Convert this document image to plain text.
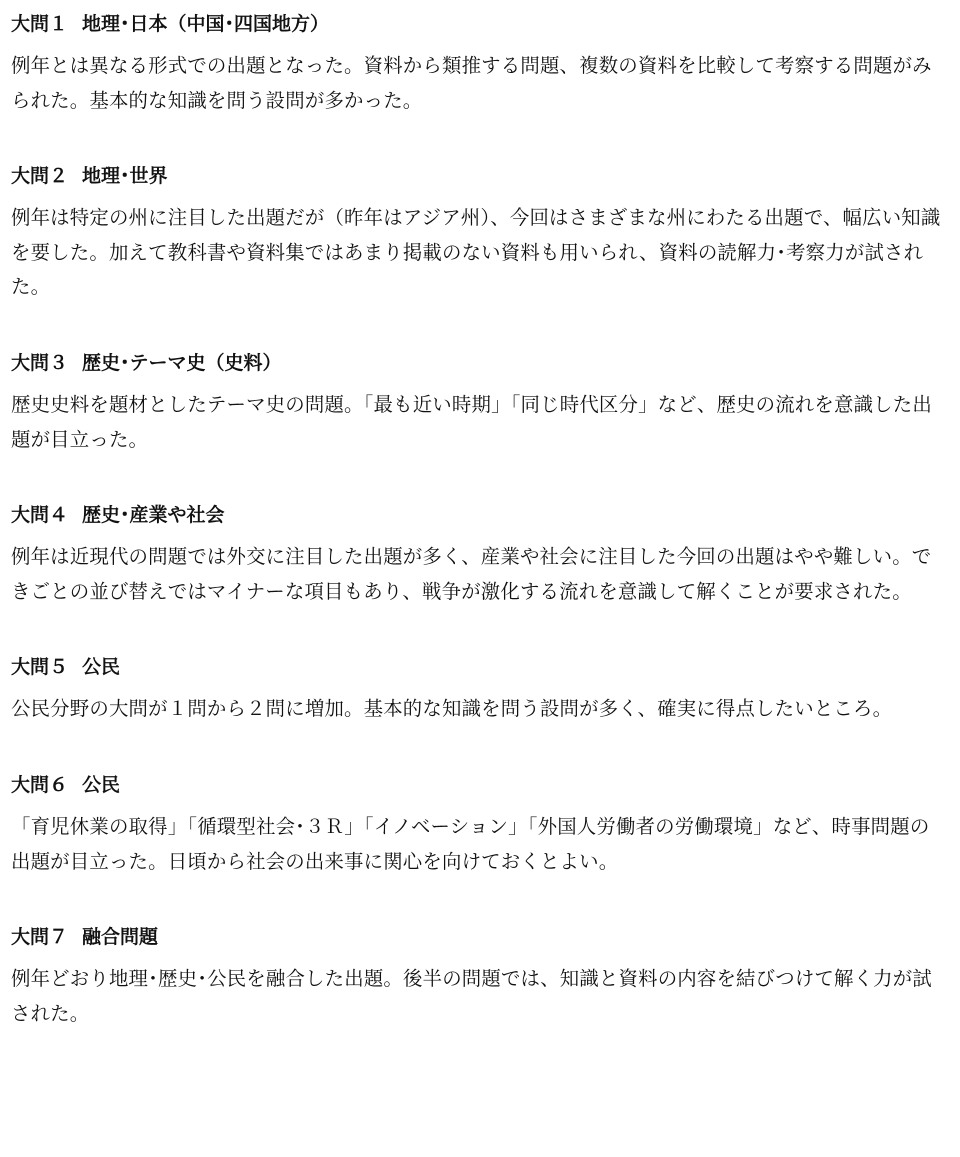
大問１ 地理･日本（中国･四国地方）
例年とは異なる形式での出題となった。資料から類推する問題、複数の資料を比較して考察する問題がみられた。基本的な知識を問う設問が多かった。
大問２ 地理･世界
例年は特定の州に注目した出題だが（昨年はアジア州）、今回はさまざまな州にわたる出題で、幅広い知識を要した。加えて教科書や資料集ではあまり掲載のない資料も用いられ、資料の読解力･考察力が試された。
大問３ 歴史･テーマ史（史料）
歴史史料を題材としたテーマ史の問題。「最も近い時期」「同じ時代区分」など、歴史の流れを意識した出題が目立った。
大問４ 歴史･産業や社会
例年は近現代の問題では外交に注目した出題が多く、産業や社会に注目した今回の出題はやや難しい。できごとの並び替えではマイナーな項目もあり、戦争が激化する流れを意識して解くことが要求された。
大問５ 公民
公民分野の大問が１問から２問に増加。基本的な知識を問う設問が多く、確実に得点したいところ。
大問６ 公民
「育児休業の取得」「循環型社会･３Ｒ」「イノベーション」「外国人労働者の労働環境」など、時事問題の出題が目立った。日頃から社会の出来事に関心を向けておくとよい。
大問７ 融合問題
例年どおり地理･歴史･公民を融合した出題。後半の問題では、知識と資料の内容を結びつけて解く力が試された。
